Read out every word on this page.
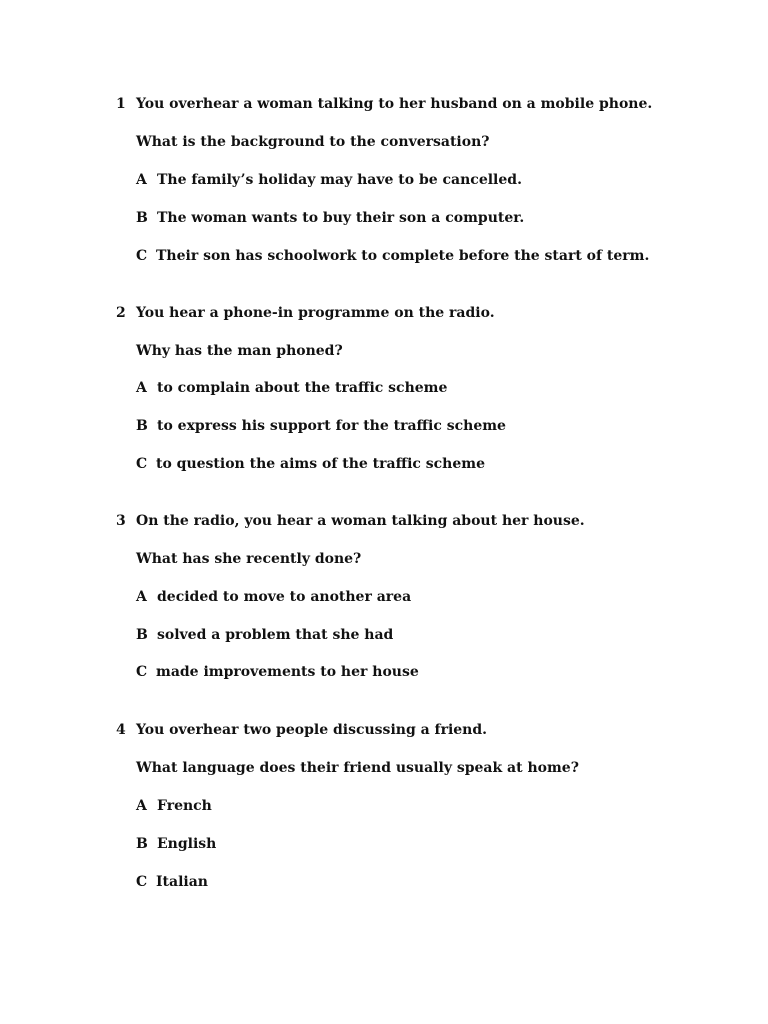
1 You overhear a woman talking to her husband on a mobile phone.
What is the background to the conversation?
A The family’s holiday may have to be cancelled.
B The woman wants to buy their son a computer.
C Their son has schoolwork to complete before the start of term.
2 You hear a phone-in programme on the radio.
Why has the man phoned?
A to complain about the traffic scheme
B to express his support for the traffic scheme
C to question the aims of the traffic scheme
3 On the radio, you hear a woman talking about her house.
What has she recently done?
A decided to move to another area
B solved a problem that she had
C made improvements to her house
4 You overhear two people discussing a friend.
What language does their friend usually speak at home?
A French
B English
C Italian
